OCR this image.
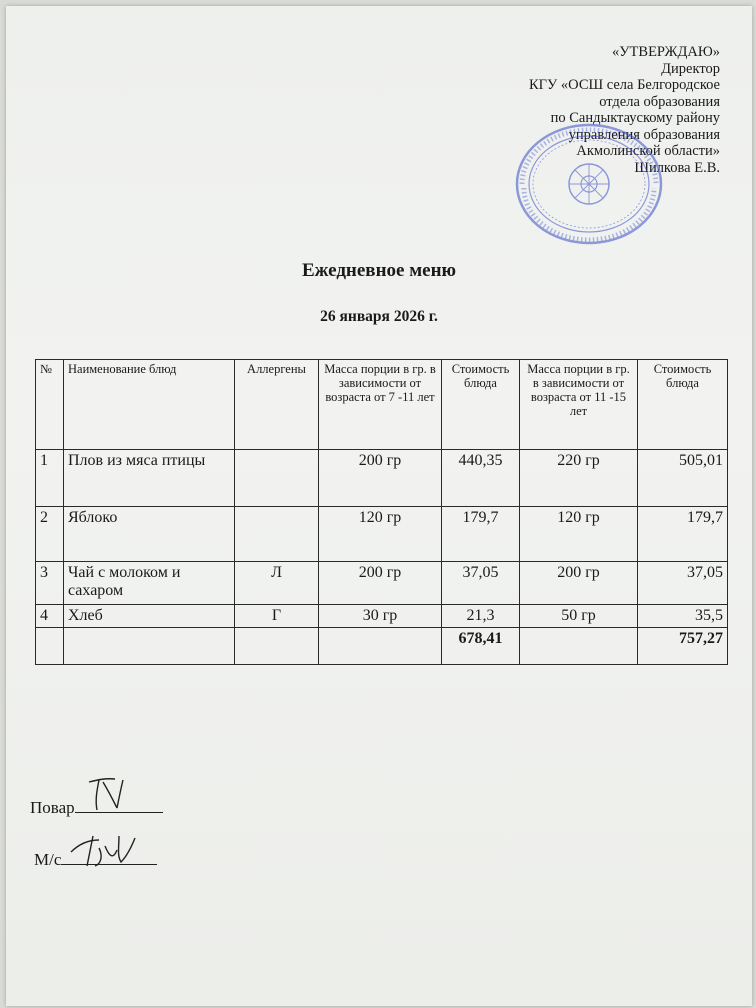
«УТВЕРЖДАЮ»
Директор
КГУ «ОСШ села Белгородское
отдела образования
по Сандыктаускому району
управления образования
Акмолинской области»
Шилкова Е.В.
Ежедневное меню
26 января 2026 г.
№	Наименование блюд	Аллергены	Масса порции в гр. в зависимости от возраста от 7 -11 лет	Стоимость блюда	Масса порции в гр. в зависимости от возраста от 11 -15 лет	Стоимость блюда
1	Плов из мяса птицы		200 гр	440,35	220 гр	505,01
2	Яблоко		120 гр	179,7	120 гр	179,7
3	Чай с молоком и сахаром	Л	200 гр	37,05	200 гр	37,05
4	Хлеб	Г	30 гр	21,3	50 гр	35,5
				678,41		757,27
Повар
М/с
